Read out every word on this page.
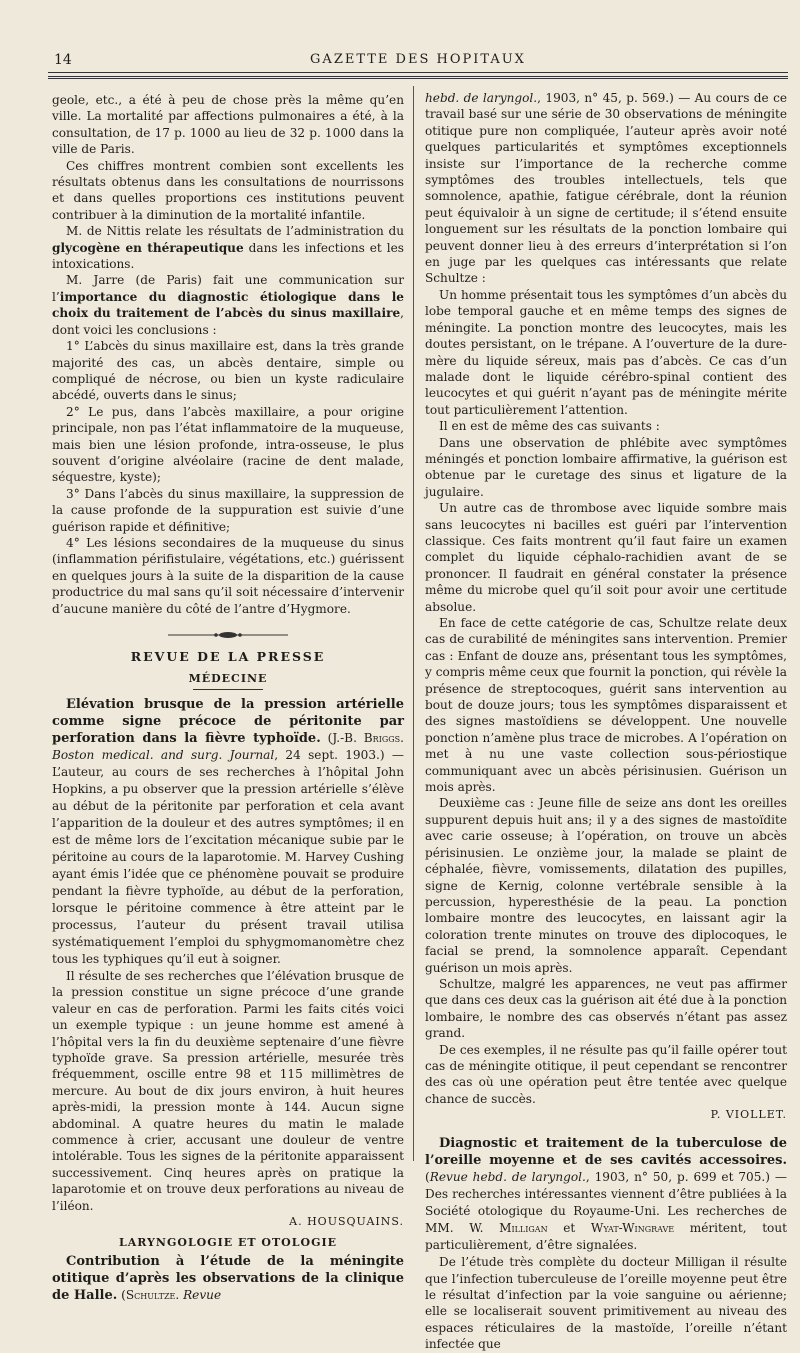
14	GAZETTE DES HOPITAUX

geole, etc., a été à peu de chose près la même qu’en ville. La mortalité par affections pulmonaires a été, à la consultation, de 17 p. 1000 au lieu de 32 p. 1000 dans la ville de Paris.

Ces chiffres montrent combien sont excellents les résultats obtenus dans les consultations de nourrissons et dans quelles proportions ces institutions peuvent contribuer à la diminution de la mortalité infantile.

M. de Nittis relate les résultats de l’administration du glycogène en thérapeutique dans les infections et les intoxications.

M. Jarre (de Paris) fait une communication sur l’importance du diagnostic étiologique dans le choix du traitement de l’abcès du sinus maxillaire, dont voici les conclusions :

1° L’abcès du sinus maxillaire est, dans la très grande majorité des cas, un abcès dentaire, simple ou compliqué de nécrose, ou bien un kyste radiculaire abcédé, ouverts dans le sinus;

2° Le pus, dans l’abcès maxillaire, a pour origine principale, non pas l’état inflammatoire de la muqueuse, mais bien une lésion profonde, intra-osseuse, le plus souvent d’origine alvéolaire (racine de dent malade, séquestre, kyste);

3° Dans l’abcès du sinus maxillaire, la suppression de la cause profonde de la suppuration est suivie d’une guérison rapide et définitive;

4° Les lésions secondaires de la muqueuse du sinus (inflammation périfistulaire, végétations, etc.) guérissent en quelques jours à la suite de la disparition de la cause productrice du mal sans qu’il soit nécessaire d’intervenir d’aucune manière du côté de l’antre d’Hygmore.

REVUE DE LA PRESSE
MÉDECINE

Elévation brusque de la pression artérielle comme signe précoce de péritonite par perforation dans la fièvre typhoïde. (J.-B. Briggs. Boston medical. and surg. Journal, 24 sept. 1903.) — L’auteur, au cours de ses recherches à l’hôpital John Hopkins, a pu observer que la pression artérielle s’élève au début de la péritonite par perforation et cela avant l’apparition de la douleur et des autres symptômes; il en est de même lors de l’excitation mécanique subie par le péritoine au cours de la laparotomie. M. Harvey Cushing ayant émis l’idée que ce phénomène pouvait se produire pendant la fièvre typhoïde, au début de la perforation, lorsque le péritoine commence à être atteint par le processus, l’auteur du présent travail utilisa systématiquement l’emploi du sphygmomanomètre chez tous les typhiques qu’il eut à soigner.

Il résulte de ses recherches que l’élévation brusque de la pression constitue un signe précoce d’une grande valeur en cas de perforation. Parmi les faits cités voici un exemple typique : un jeune homme est amené à l’hôpital vers la fin du deuxième septenaire d’une fièvre typhoïde grave. Sa pression artérielle, mesurée très fréquemment, oscille entre 98 et 115 millimètres de mercure. Au bout de dix jours environ, à huit heures après-midi, la pression monte à 144. Aucun signe abdominal. A quatre heures du matin le malade commence à crier, accusant une douleur de ventre intolérable. Tous les signes de la péritonite apparaissent successivement. Cinq heures après on pratique la laparotomie et on trouve deux perforations au niveau de l’iléon.

A. HOUSQUAINS.
LARYNGOLOGIE ET OTOLOGIE

Contribution à l’étude de la méningite otitique d’après les observations de la clinique de Halle. (Schultze. Revue

hebd. de laryngol., 1903, n° 45, p. 569.) — Au cours de ce travail basé sur une série de 30 observations de méningite otitique pure non compliquée, l’auteur après avoir noté quelques particularités et symptômes exceptionnels insiste sur l’importance de la recherche comme symptômes des troubles intellectuels, tels que somnolence, apathie, fatigue cérébrale, dont la réunion peut équivaloir à un signe de certitude; il s’étend ensuite longuement sur les résultats de la ponction lombaire qui peuvent donner lieu à des erreurs d’interprétation si l’on en juge par les quelques cas intéressants que relate Schultze :

Un homme présentait tous les symptômes d’un abcès du lobe temporal gauche et en même temps des signes de méningite. La ponction montre des leucocytes, mais les doutes persistant, on le trépane. A l’ouverture de la dure-mère du liquide séreux, mais pas d’abcès. Ce cas d’un malade dont le liquide cérébro-spinal contient des leucocytes et qui guérit n’ayant pas de méningite mérite tout particulièrement l’attention.

Il en est de même des cas suivants :

Dans une observation de phlébite avec symptômes méningés et ponction lombaire affirmative, la guérison est obtenue par le curetage des sinus et ligature de la jugulaire.

Un autre cas de thrombose avec liquide sombre mais sans leucocytes ni bacilles est guéri par l’intervention classique. Ces faits montrent qu’il faut faire un examen complet du liquide céphalo-rachidien avant de se prononcer. Il faudrait en général constater la présence même du microbe quel qu’il soit pour avoir une certitude absolue.

En face de cette catégorie de cas, Schultze relate deux cas de curabilité de méningites sans intervention. Premier cas : Enfant de douze ans, présentant tous les symptômes, y compris même ceux que fournit la ponction, qui révèle la présence de streptocoques, guérit sans intervention au bout de douze jours; tous les symptômes disparaissent et des signes mastoïdiens se développent. Une nouvelle ponction n’amène plus trace de microbes. A l’opération on met à nu une vaste collection sous-périostique communiquant avec un abcès périsinusien. Guérison un mois après.

Deuxième cas : Jeune fille de seize ans dont les oreilles suppurent depuis huit ans; il y a des signes de mastoïdite avec carie osseuse; à l’opération, on trouve un abcès périsinusien. Le onzième jour, la malade se plaint de céphalée, fièvre, vomissements, dilatation des pupilles, signe de Kernig, colonne vertébrale sensible à la percussion, hyperesthésie de la peau. La ponction lombaire montre des leucocytes, en laissant agir la coloration trente minutes on trouve des diplocoques, le facial se prend, la somnolence apparaît. Cependant guérison un mois après.

Schultze, malgré les apparences, ne veut pas affirmer que dans ces deux cas la guérison ait été due à la ponction lombaire, le nombre des cas observés n’étant pas assez grand.

De ces exemples, il ne résulte pas qu’il faille opérer tout cas de méningite otitique, il peut cependant se rencontrer des cas où une opération peut être tentée avec quelque chance de succès.

P. VIOLLET.

Diagnostic et traitement de la tuberculose de l’oreille moyenne et de ses cavités accessoires. (Revue hebd. de laryngol., 1903, n° 50, p. 699 et 705.) — Des recherches intéressantes viennent d’être publiées à la Société otologique du Royaume-Uni. Les recherches de MM. W. Milligan et Wyat-Wingrave méritent, tout particulièrement, d’être signalées.

De l’étude très complète du docteur Milligan il résulte que l’infection tuberculeuse de l’oreille moyenne peut être le résultat d’infection par la voie sanguine ou aérienne; elle se localiserait souvent primitivement au niveau des espaces réticulaires de la mastoïde, l’oreille n’étant infectée que
